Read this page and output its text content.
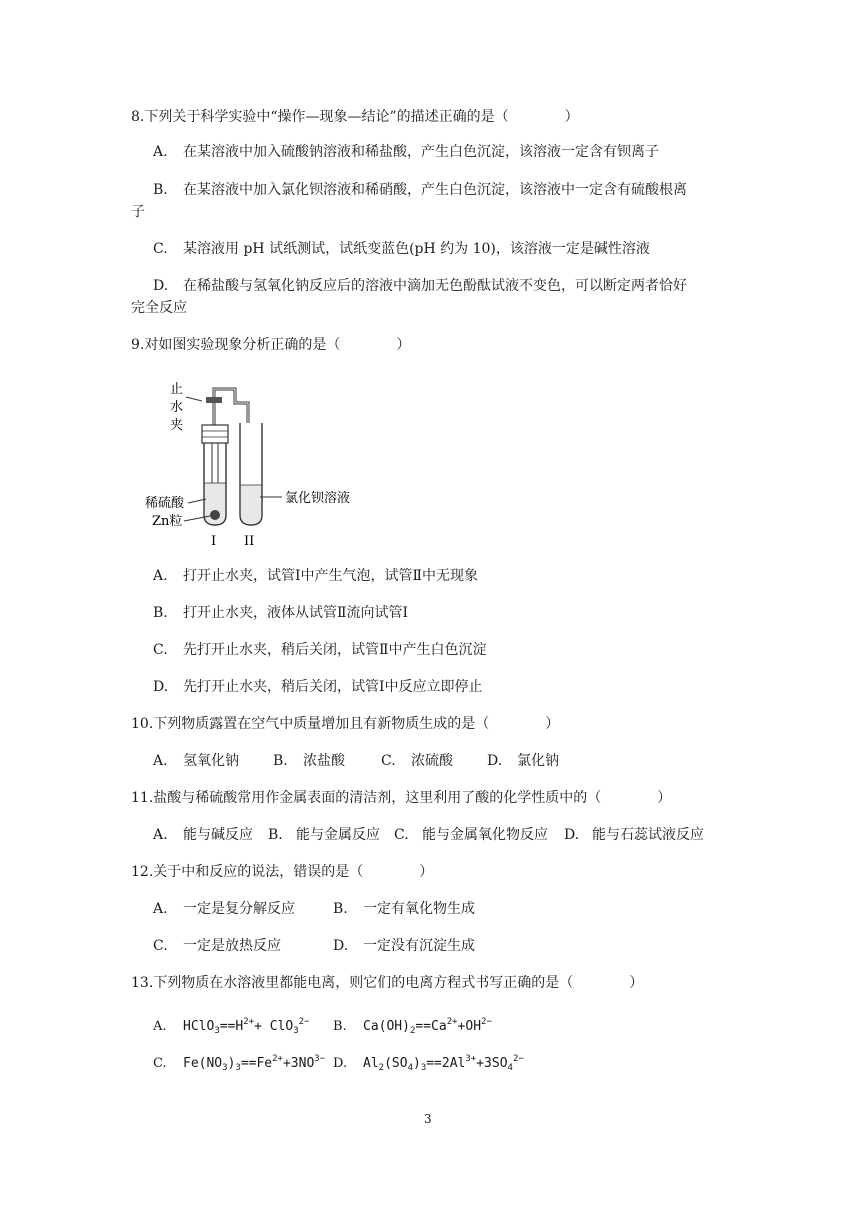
8.下列关于科学实验中“操作—现象—结论”的描述正确的是（　　　　）
A. 在某溶液中加入硫酸钠溶液和稀盐酸，产生白色沉淀，该溶液一定含有钡离子
B. 在某溶液中加入氯化钡溶液和稀硝酸，产生白色沉淀，该溶液中一定含有硫酸根离
子
C. 某溶液用 pH 试纸测试，试纸变蓝色(pH 约为 10)，该溶液一定是碱性溶液
D. 在稀盐酸与氢氧化钠反应后的溶液中滴加无色酚酞试液不变色，可以断定两者恰好
完全反应
9.对如图实验现象分析正确的是（　　　　）
止
水
夹
稀硫酸
Zn粒
氯化钡溶液
I II
A. 打开止水夹，试管Ⅰ中产生气泡，试管Ⅱ中无现象
B. 打开止水夹，液体从试管Ⅱ流向试管Ⅰ
C. 先打开止水夹，稍后关闭，试管Ⅱ中产生白色沉淀
D. 先打开止水夹，稍后关闭，试管Ⅰ中反应立即停止
10.下列物质露置在空气中质量增加且有新物质生成的是（　　　　）
A. 氢氧化钠 B. 浓盐酸	C. 浓硫酸 D. 氯化钠
11.盐酸与稀硫酸常用作金属表面的清洁剂，这里利用了酸的化学性质中的（　　　　）
A. 能与碱反应 B. 能与金属反应 C. 能与金属氧化物反应 D. 能与石蕊试液反应
12.关于中和反应的说法，错误的是（　　　　）
A. 一定是复分解反应	B. 一定有氧化物生成
C. 一定是放热反应	D. 一定没有沉淀生成
13.下列物质在水溶液里都能电离，则它们的电离方程式书写正确的是（　　　　）
A. $HClO_3==H^{2+}+ ClO_3^{2-}$ B. $Ca(OH)_2==Ca^{2+}+OH^{2-}$
C. $Fe(NO_3)_3==Fe^{2+}+3NO^{3-}$ D. $Al_2(SO_4)_3==2Al^{3+}+3SO_4^{2-}$
3
